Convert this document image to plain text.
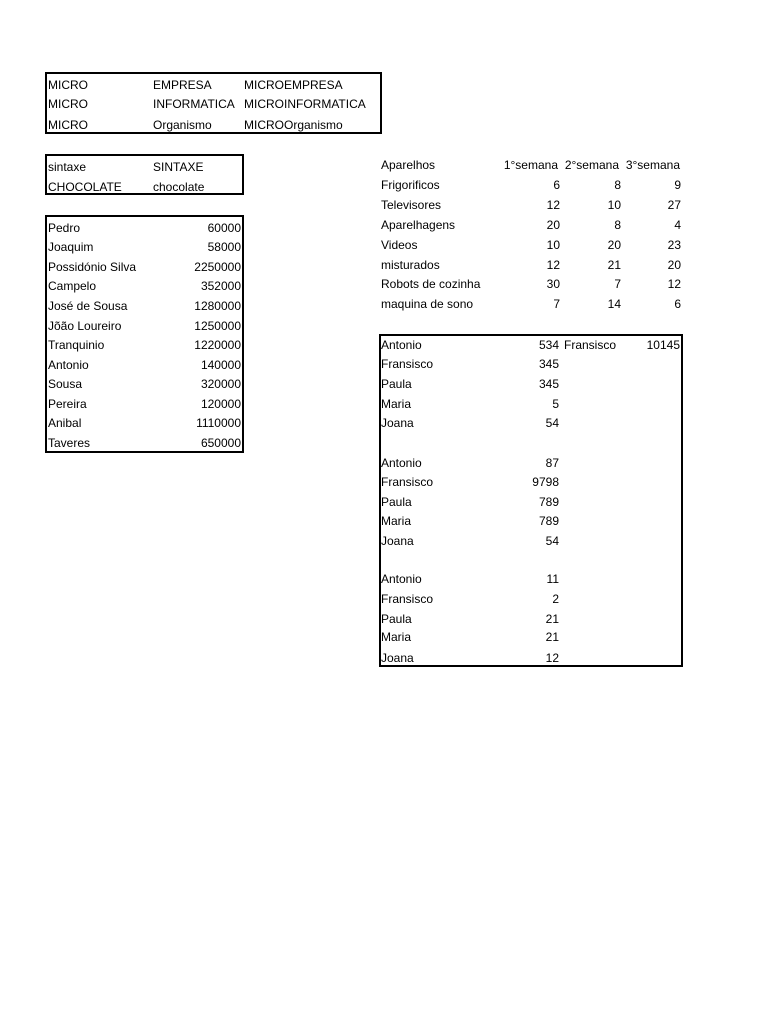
MICRO	EMPRESA	MICROEMPRESA
MICRO	INFORMATICA MICROINFORMATICA
MICRO	Organismo	MICROOrganismo
sintaxe	SINTAXE
CHOCOLATE	chocolate
Pedro	60000
Joaquim	58000
Possidónio Silva	2250000
Campelo	352000
José de Sousa	1280000
Jõão Loureiro	1250000
Tranquinio	1220000
Antonio	140000
Sousa	320000
Pereira	120000
Anibal	1110000
Taveres	650000
Aparelhos	1°semana 2°semana 3°semana
Frigorificos	6	8	9
Televisores	12	10	27
Aparelhagens	20	8	4
Videos	10	20	23
misturados	12	21	20
Robots de cozinha	30	7	12
maquina de sono	7	14	6
Antonio	534 Fransisco	10145
Fransisco	345
Paula	345
Maria	5
Joana	54
Antonio	87
Fransisco	9798
Paula	789
Maria	789
Joana	54
Antonio	11
Fransisco	2
Paula	21
Maria	21
Joana	12
